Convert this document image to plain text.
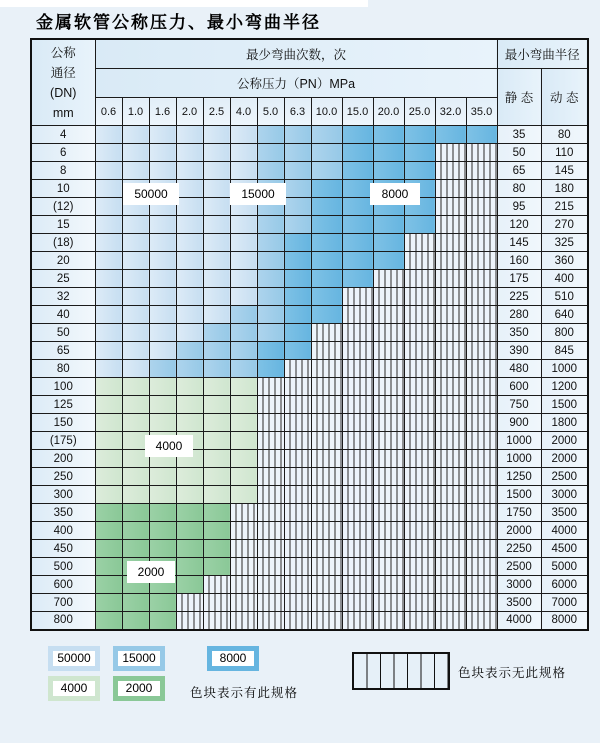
金属软管公称压力、最小弯曲半径
公称
通径
(DN)
mm	最少弯曲次数，次														最小弯曲半径	
	公称压力（PN）MPa														静 态	动 态
	0.6	1.0	1.6	2.0	2.5	4.0	5.0	6.3	10.0	15.0	20.0	25.0	32.0	35.0		
4															35	80
6															50	110
8															65	145
10															80	180
(12)															95	215
15															120	270
(18)															145	325
20															160	360
25															175	400
32															225	510
40															280	640
50															350	800
65															390	845
80															480	1000
100															600	1200
125															750	1500
150															900	1800
(175)															1000	2000
200															1000	2000
250															1250	2500
300															1500	3000
350															1750	3500
400															2000	4000
450															2250	4500
500															2500	5000
600															3000	6000
700															3500	7000
800															4000	8000
50000	15000	8000
4000
2000
50000	15000	8000
4000	2000	色块表示有此规格
色块表示无此规格
